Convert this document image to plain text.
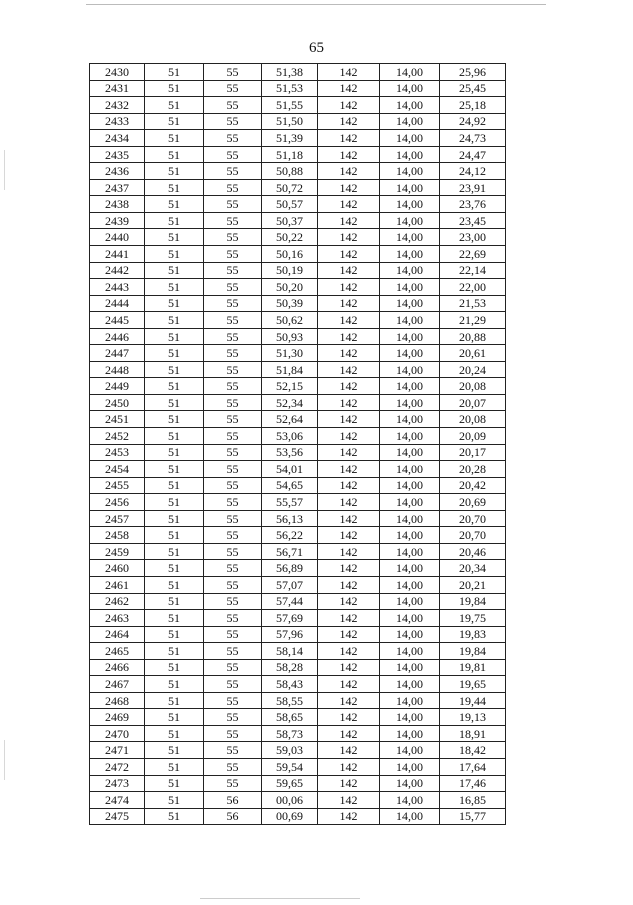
65
2430	51	55	51,38	142	14,00	25,96
2431	51	55	51,53	142	14,00	25,45
2432	51	55	51,55	142	14,00	25,18
2433	51	55	51,50	142	14,00	24,92
2434	51	55	51,39	142	14,00	24,73
2435	51	55	51,18	142	14,00	24,47
2436	51	55	50,88	142	14,00	24,12
2437	51	55	50,72	142	14,00	23,91
2438	51	55	50,57	142	14,00	23,76
2439	51	55	50,37	142	14,00	23,45
2440	51	55	50,22	142	14,00	23,00
2441	51	55	50,16	142	14,00	22,69
2442	51	55	50,19	142	14,00	22,14
2443	51	55	50,20	142	14,00	22,00
2444	51	55	50,39	142	14,00	21,53
2445	51	55	50,62	142	14,00	21,29
2446	51	55	50,93	142	14,00	20,88
2447	51	55	51,30	142	14,00	20,61
2448	51	55	51,84	142	14,00	20,24
2449	51	55	52,15	142	14,00	20,08
2450	51	55	52,34	142	14,00	20,07
2451	51	55	52,64	142	14,00	20,08
2452	51	55	53,06	142	14,00	20,09
2453	51	55	53,56	142	14,00	20,17
2454	51	55	54,01	142	14,00	20,28
2455	51	55	54,65	142	14,00	20,42
2456	51	55	55,57	142	14,00	20,69
2457	51	55	56,13	142	14,00	20,70
2458	51	55	56,22	142	14,00	20,70
2459	51	55	56,71	142	14,00	20,46
2460	51	55	56,89	142	14,00	20,34
2461	51	55	57,07	142	14,00	20,21
2462	51	55	57,44	142	14,00	19,84
2463	51	55	57,69	142	14,00	19,75
2464	51	55	57,96	142	14,00	19,83
2465	51	55	58,14	142	14,00	19,84
2466	51	55	58,28	142	14,00	19,81
2467	51	55	58,43	142	14,00	19,65
2468	51	55	58,55	142	14,00	19,44
2469	51	55	58,65	142	14,00	19,13
2470	51	55	58,73	142	14,00	18,91
2471	51	55	59,03	142	14,00	18,42
2472	51	55	59,54	142	14,00	17,64
2473	51	55	59,65	142	14,00	17,46
2474	51	56	00,06	142	14,00	16,85
2475	51	56	00,69	142	14,00	15,77
